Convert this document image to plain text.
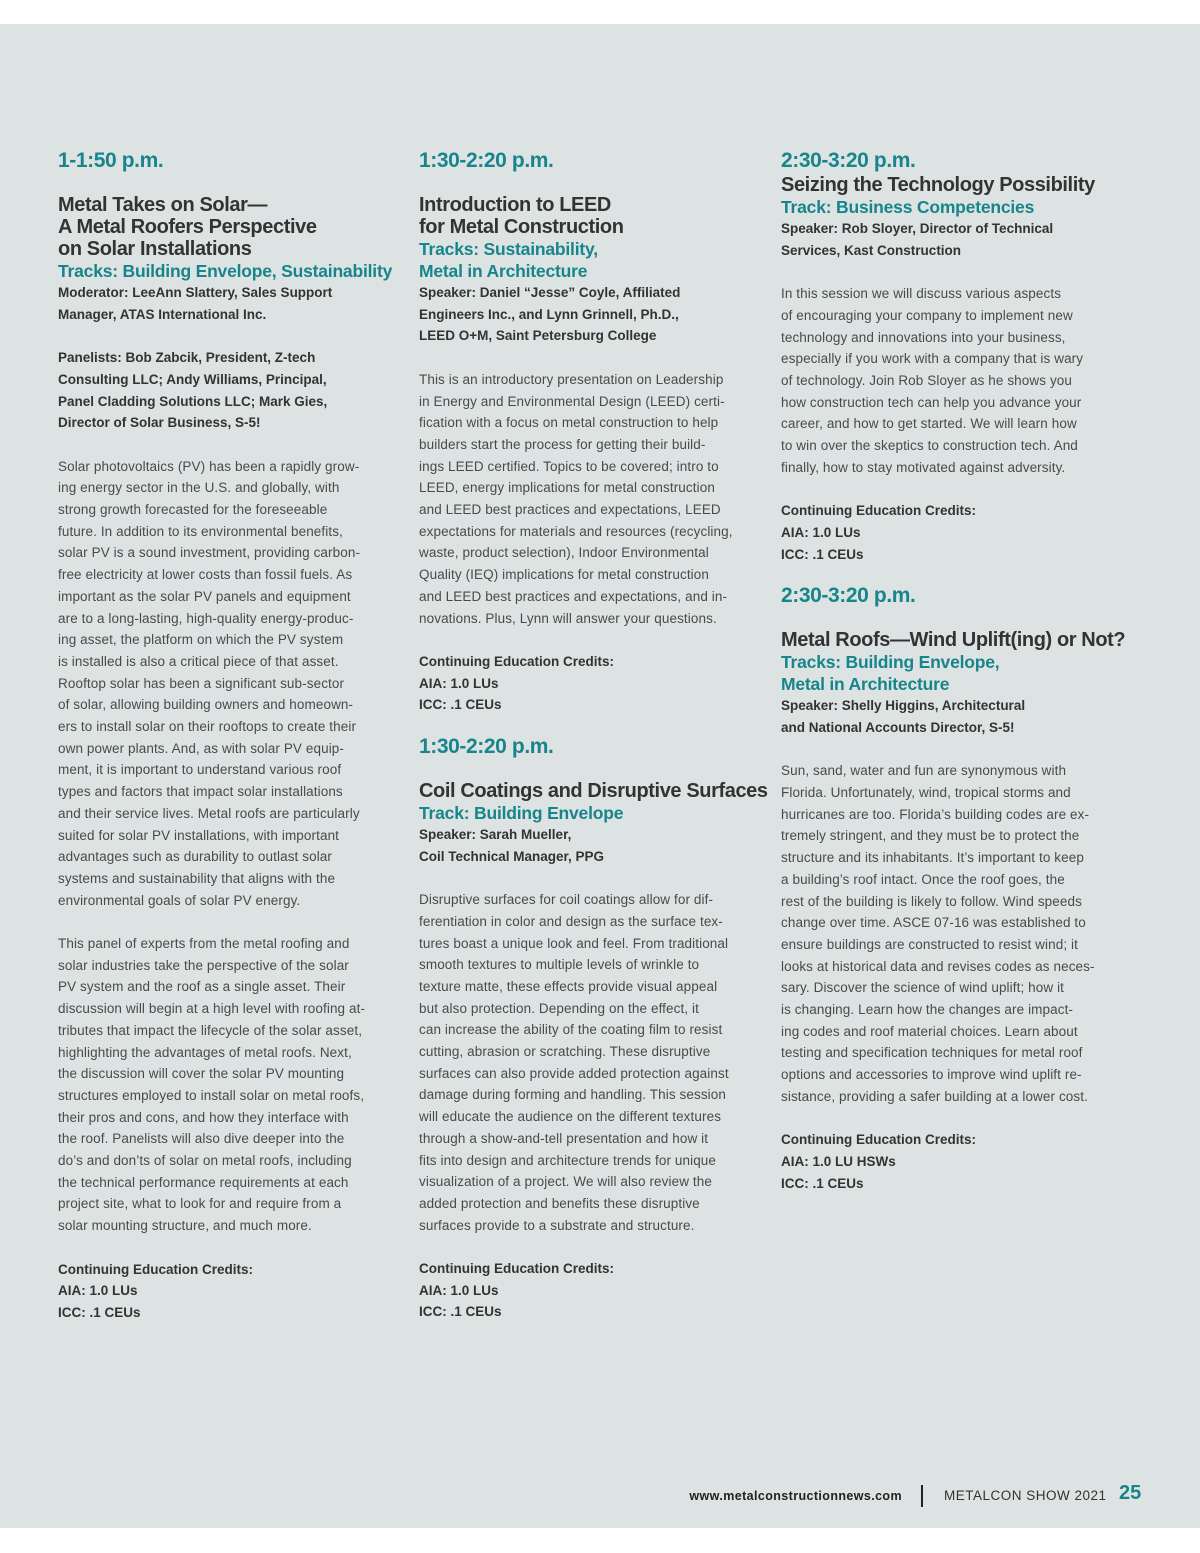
1-1:50 p.m.
Metal Takes on Solar—
A Metal Roofers Perspective
on Solar Installations
Tracks: Building Envelope, Sustainability
Moderator: LeeAnn Slattery, Sales Support
Manager, ATAS International Inc.
Panelists: Bob Zabcik, President, Z-tech
Consulting LLC; Andy Williams, Principal,
Panel Cladding Solutions LLC; Mark Gies,
Director of Solar Business, S-5!
Solar photovoltaics (PV) has been a rapidly grow-
ing energy sector in the U.S. and globally, with
strong growth forecasted for the foreseeable
future. In addition to its environmental benefits,
solar PV is a sound investment, providing carbon-
free electricity at lower costs than fossil fuels. As
important as the solar PV panels and equipment
are to a long-lasting, high-quality energy-produc-
ing asset, the platform on which the PV system
is installed is also a critical piece of that asset.
Rooftop solar has been a significant sub-sector
of solar, allowing building owners and homeown-
ers to install solar on their rooftops to create their
own power plants. And, as with solar PV equip-
ment, it is important to understand various roof
types and factors that impact solar installations
and their service lives. Metal roofs are particularly
suited for solar PV installations, with important
advantages such as durability to outlast solar
systems and sustainability that aligns with the
environmental goals of solar PV energy.
This panel of experts from the metal roofing and
solar industries take the perspective of the solar
PV system and the roof as a single asset. Their
discussion will begin at a high level with roofing at-
tributes that impact the lifecycle of the solar asset,
highlighting the advantages of metal roofs. Next,
the discussion will cover the solar PV mounting
structures employed to install solar on metal roofs,
their pros and cons, and how they interface with
the roof. Panelists will also dive deeper into the
do’s and don’ts of solar on metal roofs, including
the technical performance requirements at each
project site, what to look for and require from a
solar mounting structure, and much more.
Continuing Education Credits:
AIA: 1.0 LUs
ICC: .1 CEUs
1:30-2:20 p.m.
Introduction to LEED
for Metal Construction
Tracks: Sustainability,
Metal in Architecture
Speaker: Daniel “Jesse” Coyle, Affiliated
Engineers Inc., and Lynn Grinnell, Ph.D.,
LEED O+M, Saint Petersburg College
This is an introductory presentation on Leadership
in Energy and Environmental Design (LEED) certi-
fication with a focus on metal construction to help
builders start the process for getting their build-
ings LEED certified. Topics to be covered; intro to
LEED, energy implications for metal construction
and LEED best practices and expectations, LEED
expectations for materials and resources (recycling,
waste, product selection), Indoor Environmental
Quality (IEQ) implications for metal construction
and LEED best practices and expectations, and in-
novations. Plus, Lynn will answer your questions.
Continuing Education Credits:
AIA: 1.0 LUs
ICC: .1 CEUs
1:30-2:20 p.m.
Coil Coatings and Disruptive Surfaces
Track: Building Envelope
Speaker: Sarah Mueller,
Coil Technical Manager, PPG
Disruptive surfaces for coil coatings allow for dif-
ferentiation in color and design as the surface tex-
tures boast a unique look and feel. From traditional
smooth textures to multiple levels of wrinkle to
texture matte, these effects provide visual appeal
but also protection. Depending on the effect, it
can increase the ability of the coating film to resist
cutting, abrasion or scratching. These disruptive
surfaces can also provide added protection against
damage during forming and handling. This session
will educate the audience on the different textures
through a show-and-tell presentation and how it
fits into design and architecture trends for unique
visualization of a project. We will also review the
added protection and benefits these disruptive
surfaces provide to a substrate and structure.
Continuing Education Credits:
AIA: 1.0 LUs
ICC: .1 CEUs
2:30-3:20 p.m.
Seizing the Technology Possibility
Track: Business Competencies
Speaker: Rob Sloyer, Director of Technical
Services, Kast Construction
In this session we will discuss various aspects
of encouraging your company to implement new
technology and innovations into your business,
especially if you work with a company that is wary
of technology. Join Rob Sloyer as he shows you
how construction tech can help you advance your
career, and how to get started. We will learn how
to win over the skeptics to construction tech. And
finally, how to stay motivated against adversity.
Continuing Education Credits:
AIA: 1.0 LUs
ICC: .1 CEUs
2:30-3:20 p.m.
Metal Roofs—Wind Uplift(ing) or Not?
Tracks: Building Envelope,
Metal in Architecture
Speaker: Shelly Higgins, Architectural
and National Accounts Director, S-5!
Sun, sand, water and fun are synonymous with
Florida. Unfortunately, wind, tropical storms and
hurricanes are too. Florida’s building codes are ex-
tremely stringent, and they must be to protect the
structure and its inhabitants. It’s important to keep
a building’s roof intact. Once the roof goes, the
rest of the building is likely to follow. Wind speeds
change over time. ASCE 07-16 was established to
ensure buildings are constructed to resist wind; it
looks at historical data and revises codes as neces-
sary. Discover the science of wind uplift; how it
is changing. Learn how the changes are impact-
ing codes and roof material choices. Learn about
testing and specification techniques for metal roof
options and accessories to improve wind uplift re-
sistance, providing a safer building at a lower cost.
Continuing Education Credits:
AIA: 1.0 LU HSWs
ICC: .1 CEUs
www.metalconstructionnews.com	METALCON SHOW 2021 25
